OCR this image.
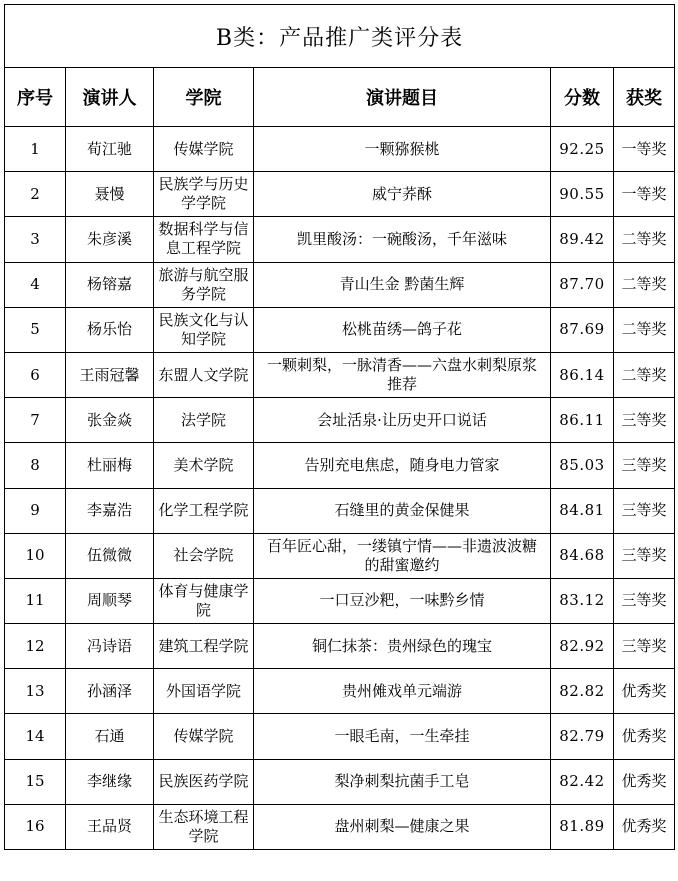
B类：产品推广类评分表					
序号	演讲人	学院	演讲题目	分数	获奖
1	荀江驰	传媒学院	一颗猕猴桃	92.25	一等奖
2	聂慢	民族学与历史学学院	威宁荞酥	90.55	一等奖
3	朱彦溪	数据科学与信息工程学院	凯里酸汤：一碗酸汤，千年滋味	89.42	二等奖
4	杨镕嘉	旅游与航空服务学院	青山生金 黔菌生辉	87.70	二等奖
5	杨乐怡	民族文化与认知学院	松桃苗绣—鸽子花	87.69	二等奖
6	王雨冠馨	东盟人文学院	一颗刺梨，一脉清香——六盘水刺梨原浆推荐	86.14	二等奖
7	张金焱	法学院	会址活泉·让历史开口说话	86.11	三等奖
8	杜丽梅	美术学院	告别充电焦虑，随身电力管家	85.03	三等奖
9	李嘉浩	化学工程学院	石缝里的黄金保健果	84.81	三等奖
10	伍微微	社会学院	百年匠心甜，一缕镇宁情——非遗波波糖的甜蜜邀约	84.68	三等奖
11	周顺琴	体育与健康学院	一口豆沙粑，一味黔乡情	83.12	三等奖
12	冯诗语	建筑工程学院	铜仁抹茶：贵州绿色的瑰宝	82.92	三等奖
13	孙涵泽	外国语学院	贵州傩戏单元端游	82.82	优秀奖
14	石通	传媒学院	一眼毛南，一生牵挂	82.79	优秀奖
15	李继缘	民族医药学院	梨净刺梨抗菌手工皂	82.42	优秀奖
16	王品贤	生态环境工程学院	盘州刺梨—健康之果	81.89	优秀奖
